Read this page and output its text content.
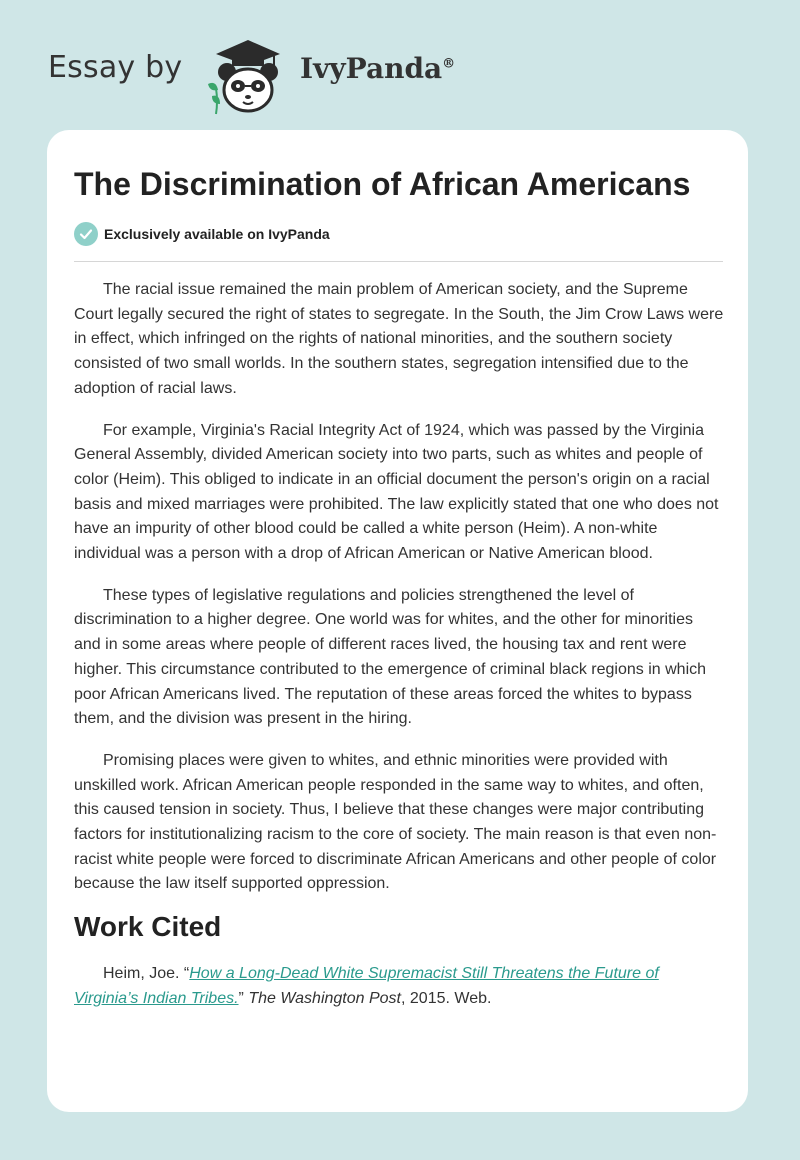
Essay by	IvyPanda®
The Discrimination of African Americans
Exclusively available on IvyPanda

The racial issue remained the main problem of American society, and the Supreme Court legally secured the right of states to segregate. In the South, the Jim Crow Laws were in effect, which infringed on the rights of national minorities, and the southern society consisted of two small worlds. In the southern states, segregation intensified due to the adoption of racial laws.

For example, Virginia's Racial Integrity Act of 1924, which was passed by the Virginia General Assembly, divided American society into two parts, such as whites and people of color (Heim). This obliged to indicate in an official document the person's origin on a racial basis and mixed marriages were prohibited. The law explicitly stated that one who does not have an impurity of other blood could be called a white person (Heim). A non-white individual was a person with a drop of African American or Native American blood.

These types of legislative regulations and policies strengthened the level of discrimination to a higher degree. One world was for whites, and the other for minorities and in some areas where people of different races lived, the housing tax and rent were higher. This circumstance contributed to the emergence of criminal black regions in which poor African Americans lived. The reputation of these areas forced the whites to bypass them, and the division was present in the hiring.

Promising places were given to whites, and ethnic minorities were provided with unskilled work. African American people responded in the same way to whites, and often, this caused tension in society. Thus, I believe that these changes were major contributing factors for institutionalizing racism to the core of society. The main reason is that even non-racist white people were forced to discriminate African Americans and other people of color because the law itself supported oppression.

Work Cited

Heim, Joe. “How a Long-Dead White Supremacist Still Threatens the Future of Virginia’s Indian Tribes.” The Washington Post, 2015. Web.
